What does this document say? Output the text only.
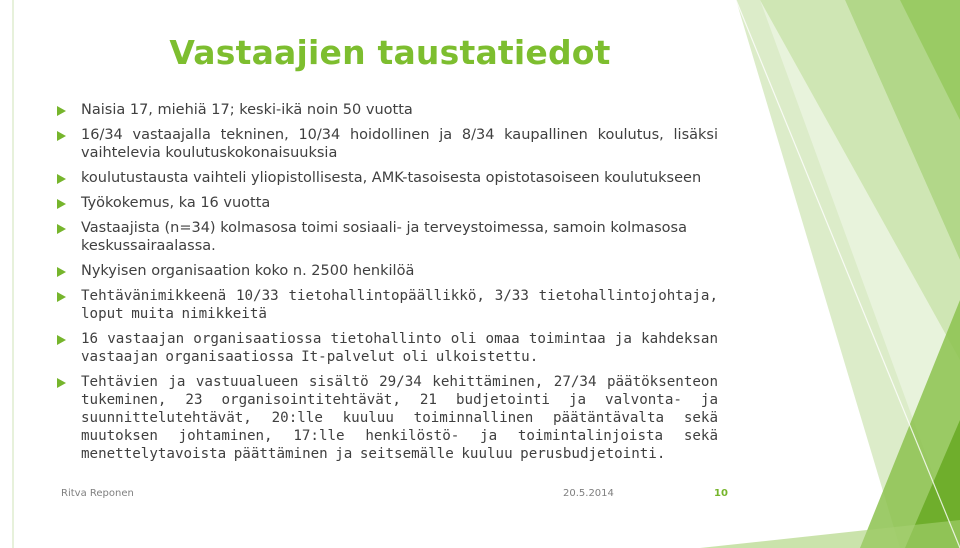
Vastaajien taustatiedot
Naisia 17, miehiä 17; keski-ikä noin 50 vuotta
16/34 vastaajalla tekninen, 10/34 hoidollinen ja 8/34 kaupallinen koulutus, lisäksi vaihtelevia koulutuskokonaisuuksia
koulutustausta vaihteli yliopistollisesta, AMK-tasoisesta opistotasoiseen koulutukseen
Työkokemus, ka 16 vuotta
Vastaajista (n=34) kolmasosa toimi sosiaali- ja terveystoimessa, samoin kolmasosa keskussairaalassa.
Nykyisen organisaation koko n. 2500 henkilöä
Tehtävänimikkeenä 10/33 tietohallintopäällikkö, 3/33 tietohallintojohtaja, loput muita nimikkeitä
16 vastaajan organisaatiossa tietohallinto oli omaa toimintaa ja kahdeksan vastaajan organisaatiossa It-palvelut oli ulkoistettu.
Tehtävien ja vastuualueen sisältö 29/34 kehittäminen, 27/34 päätöksenteon tukeminen, 23 organisointitehtävät, 21 budjetointi ja valvonta- ja suunnittelutehtävät, 20:lle kuuluu toiminnallinen päätäntävalta sekä muutoksen johtaminen, 17:lle henkilöstö- ja toimintalinjoista sekä menettelytavoista päättäminen ja seitsemälle kuuluu perusbudjetointi.
Ritva Reponen	20.5.2014	10
